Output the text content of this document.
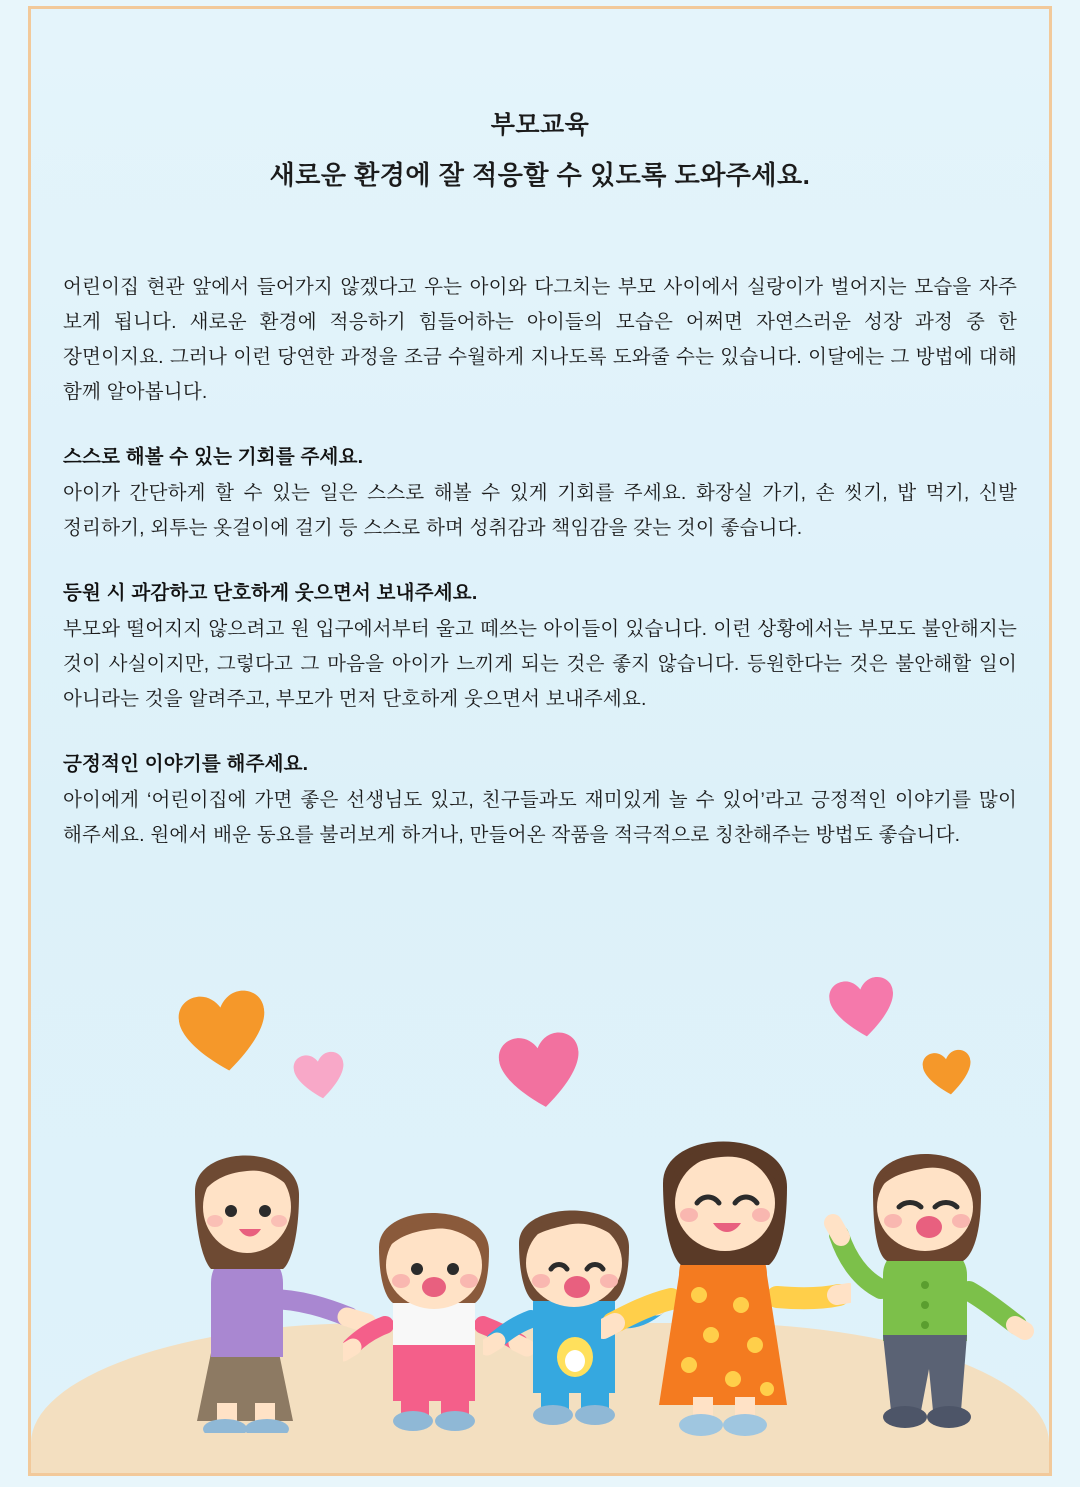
부모교육
새로운 환경에 잘 적응할 수 있도록 도와주세요.

어린이집 현관 앞에서 들어가지 않겠다고 우는 아이와 다그치는 부모 사이에서 실랑이가 벌어지는 모습을 자주 보게 됩니다. 새로운 환경에 적응하기 힘들어하는 아이들의 모습은 어쩌면 자연스러운 성장 과정 중 한 장면이지요. 그러나 이런 당연한 과정을 조금 수월하게 지나도록 도와줄 수는 있습니다. 이달에는 그 방법에 대해 함께 알아봅니다.

스스로 해볼 수 있는 기회를 주세요.

아이가 간단하게 할 수 있는 일은 스스로 해볼 수 있게 기회를 주세요. 화장실 가기, 손 씻기, 밥 먹기, 신발 정리하기, 외투는 옷걸이에 걸기 등 스스로 하며 성취감과 책임감을 갖는 것이 좋습니다.

등원 시 과감하고 단호하게 웃으면서 보내주세요.

부모와 떨어지지 않으려고 원 입구에서부터 울고 떼쓰는 아이들이 있습니다. 이런 상황에서는 부모도 불안해지는 것이 사실이지만, 그렇다고 그 마음을 아이가 느끼게 되는 것은 좋지 않습니다. 등원한다는 것은 불안해할 일이 아니라는 것을 알려주고, 부모가 먼저 단호하게 웃으면서 보내주세요.

긍정적인 이야기를 해주세요.

아이에게 ‘어린이집에 가면 좋은 선생님도 있고, 친구들과도 재미있게 놀 수 있어’라고 긍정적인 이야기를 많이 해주세요. 원에서 배운 동요를 불러보게 하거나, 만들어온 작품을 적극적으로 칭찬해주는 방법도 좋습니다.
